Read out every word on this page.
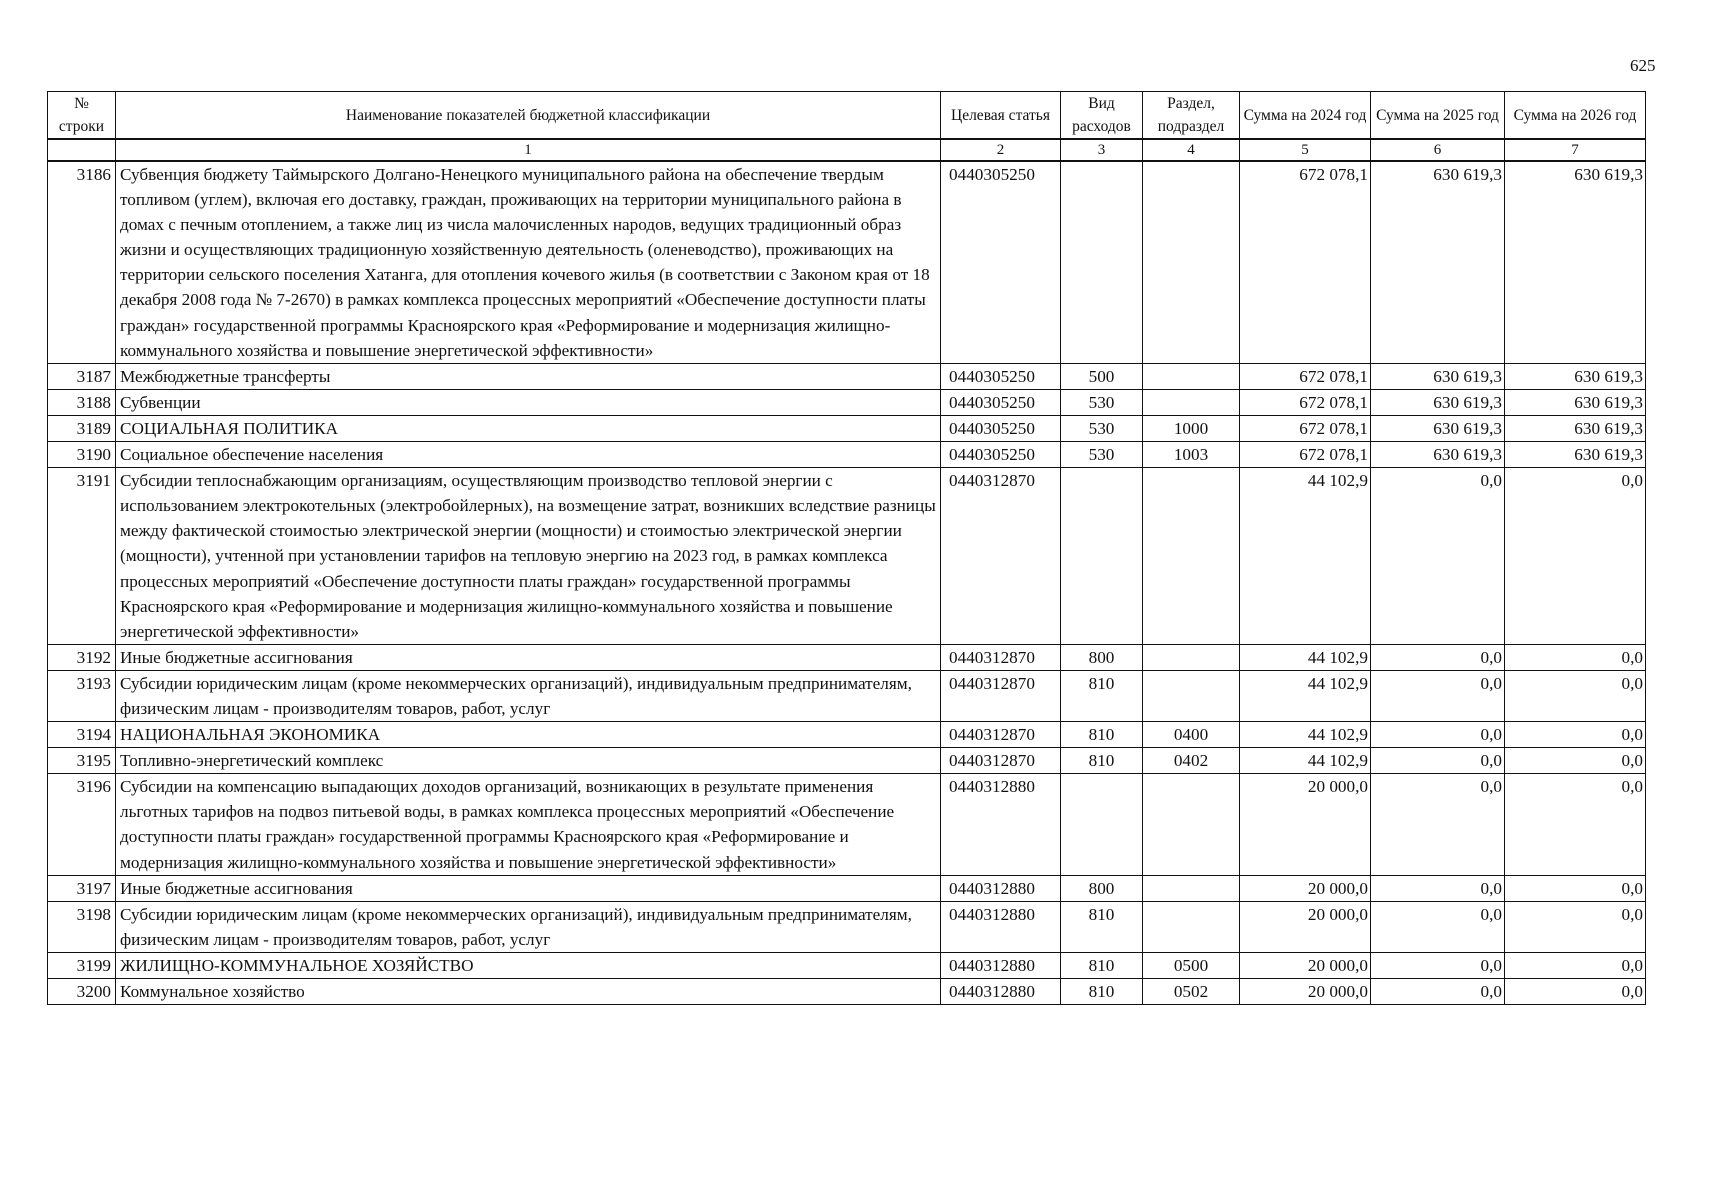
625
№ строки	Наименование показателей бюджетной классификации	Целевая статья	Вид расходов	Раздел, подраздел	Сумма на 2024 год	Сумма на 2025 год	Сумма на 2026 год
	1	2	3	4	5	6	7
3186	Субвенция бюджету Таймырского Долгано-Ненецкого муниципального района на обеспечение твердым топливом (углем), включая его доставку, граждан, проживающих на территории муниципального района в домах с печным отоплением, а также лиц из числа малочисленных народов, ведущих традиционный образ жизни и осуществляющих традиционную хозяйственную деятельность (оленеводство), проживающих на территории сельского поселения Хатанга, для отопления кочевого жилья (в соответствии с Законом края от 18 декабря 2008 года № 7-2670) в рамках комплекса процессных мероприятий «Обеспечение доступности платы граждан» государственной программы Красноярского края «Реформирование и модернизация жилищно-коммунального хозяйства и повышение энергетической эффективности»	0440305250			672 078,1	630 619,3	630 619,3
3187	Межбюджетные трансферты	0440305250	500		672 078,1	630 619,3	630 619,3
3188	Субвенции	0440305250	530		672 078,1	630 619,3	630 619,3
3189	СОЦИАЛЬНАЯ ПОЛИТИКА	0440305250	530	1000	672 078,1	630 619,3	630 619,3
3190	Социальное обеспечение населения	0440305250	530	1003	672 078,1	630 619,3	630 619,3
3191	Субсидии теплоснабжающим организациям, осуществляющим производство тепловой энергии с использованием электрокотельных (электробойлерных), на возмещение затрат, возникших вследствие разницы между фактической стоимостью электрической энергии (мощности) и стоимостью электрической энергии (мощности), учтенной при установлении тарифов на тепловую энергию на 2023 год, в рамках комплекса процессных мероприятий «Обеспечение доступности платы граждан» государственной программы Красноярского края «Реформирование и модернизация жилищно-коммунального хозяйства и повышение энергетической эффективности»	0440312870			44 102,9	0,0	0,0
3192	Иные бюджетные ассигнования	0440312870	800		44 102,9	0,0	0,0
3193	Субсидии юридическим лицам (кроме некоммерческих организаций), индивидуальным предпринимателям, физическим лицам - производителям товаров, работ, услуг	0440312870	810		44 102,9	0,0	0,0
3194	НАЦИОНАЛЬНАЯ ЭКОНОМИКА	0440312870	810	0400	44 102,9	0,0	0,0
3195	Топливно-энергетический комплекс	0440312870	810	0402	44 102,9	0,0	0,0
3196	Субсидии на компенсацию выпадающих доходов организаций, возникающих в результате применения льготных тарифов на подвоз питьевой воды, в рамках комплекса процессных мероприятий «Обеспечение доступности платы граждан» государственной программы Красноярского края «Реформирование и модернизация жилищно-коммунального хозяйства и повышение энергетической эффективности»	0440312880			20 000,0	0,0	0,0
3197	Иные бюджетные ассигнования	0440312880	800		20 000,0	0,0	0,0
3198	Субсидии юридическим лицам (кроме некоммерческих организаций), индивидуальным предпринимателям, физическим лицам - производителям товаров, работ, услуг	0440312880	810		20 000,0	0,0	0,0
3199	ЖИЛИЩНО-КОММУНАЛЬНОЕ ХОЗЯЙСТВО	0440312880	810	0500	20 000,0	0,0	0,0
3200	Коммунальное хозяйство	0440312880	810	0502	20 000,0	0,0	0,0
